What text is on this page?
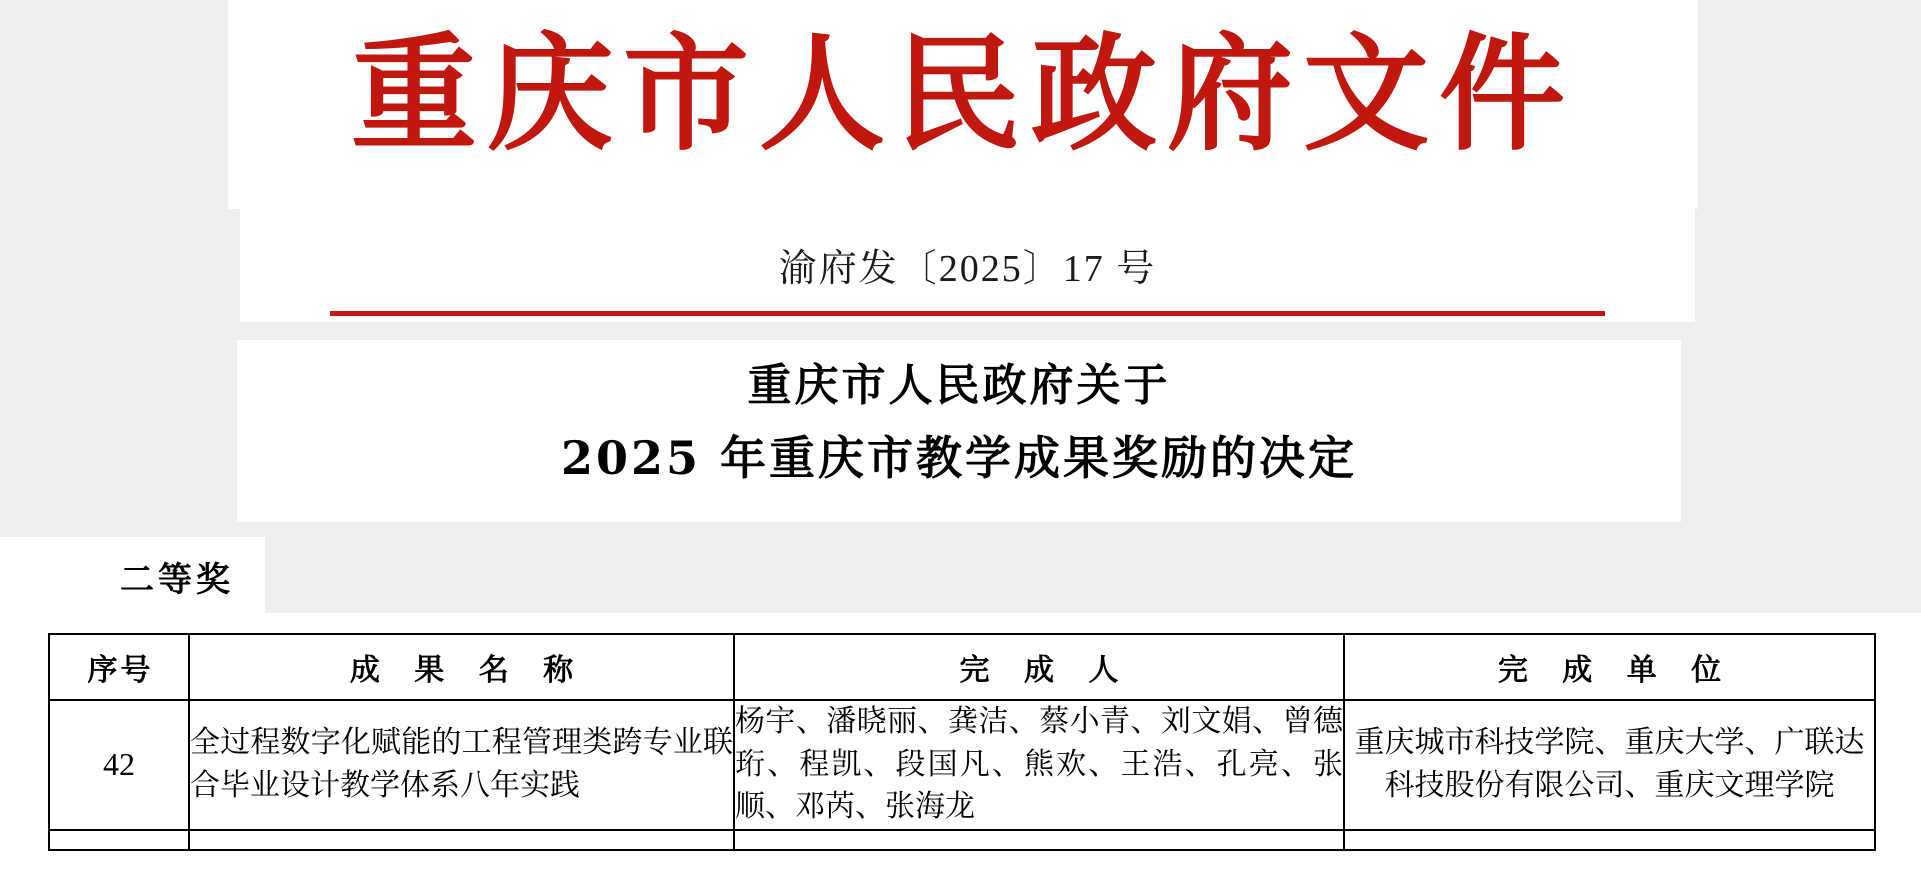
重庆市人民政府文件
渝府发〔2025〕17 号
重庆市人民政府关于
2025 年重庆市教学成果奖励的决定
二等奖
序号	成 果 名 称	完 成 人	完 成 单 位
42	全过程数字化赋能的工程管理类跨专业联合毕业设计教学体系八年实践	杨宇、潘晓丽、龚洁、蔡小青、刘文娟、曾德珩、程凯、段国凡、熊欢、王浩、孔亮、张顺、邓芮、张海龙	重庆城市科技学院、重庆大学、广联达科技股份有限公司、重庆文理学院
